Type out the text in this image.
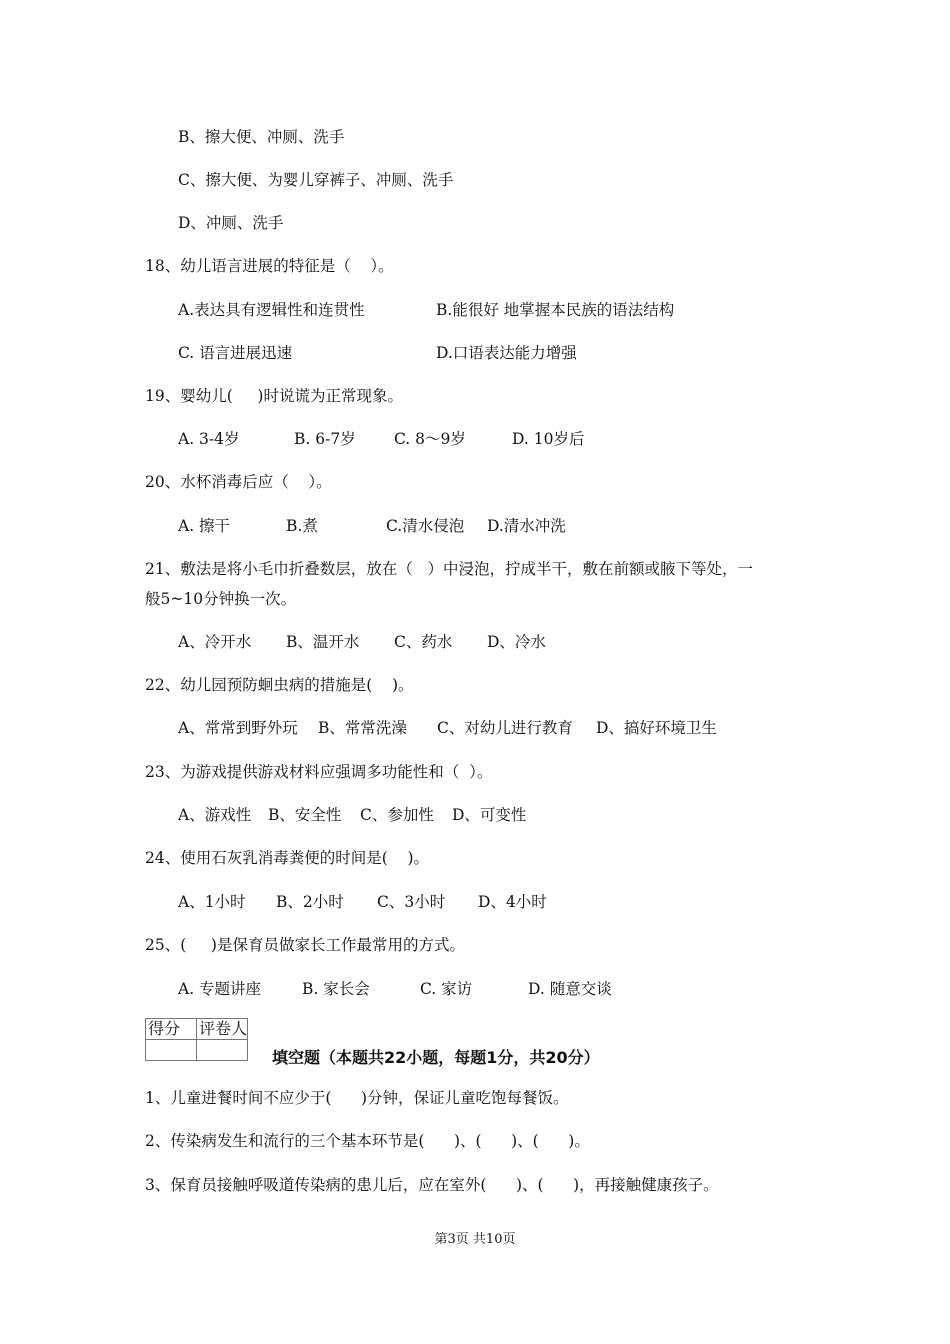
B、擦大便、冲厕、洗手
C、擦大便、为婴儿穿裤子、冲厕、洗手
D、冲厕、洗手
18、幼儿语言进展的特征是（    ）。
A.表达具有逻辑性和连贯性	B.能很好 地掌握本民族的语法结构
C. 语言进展迅速	D.口语表达能力增强
19、婴幼儿(     )时说谎为正常现象。
A. 3-4岁	B. 6-7岁 C. 8～9岁	D. 10岁后
20、水杯消毒后应（    ）。
A. 擦干	B.煮	C.清水侵泡 D.清水冲洗
21、敷法是将小毛巾折叠数层，放在（   ）中浸泡，拧成半干，敷在前额或腋下等处，一
般5~10分钟换一次。
A、冷开水 B、温开水 C、药水 D、冷水
22、幼儿园预防蛔虫病的措施是(    )。
A、常常到野外玩 B、常常洗澡 C、对幼儿进行教育 D、搞好环境卫生
23、为游戏提供游戏材料应强调多功能性和（  ）。
A、游戏性 B、安全性 C、参加性 D、可变性
24、使用石灰乳消毒粪便的时间是(    )。
A、1小时 B、2小时 C、3小时 D、4小时
25、(     )是保育员做家长工作最常用的方式。
A. 专题讲座	B. 家长会	C. 家访	D. 随意交谈
得分	评卷人

填空题（本题共22小题，每题1分，共20分）
1、儿童进餐时间不应少于(      )分钟，保证儿童吃饱每餐饭。
2、传染病发生和流行的三个基本环节是(      )、(      )、(      )。
3、保育员接触呼吸道传染病的患儿后，应在室外(      )、(      )，再接触健康孩子。
第3页 共10页
